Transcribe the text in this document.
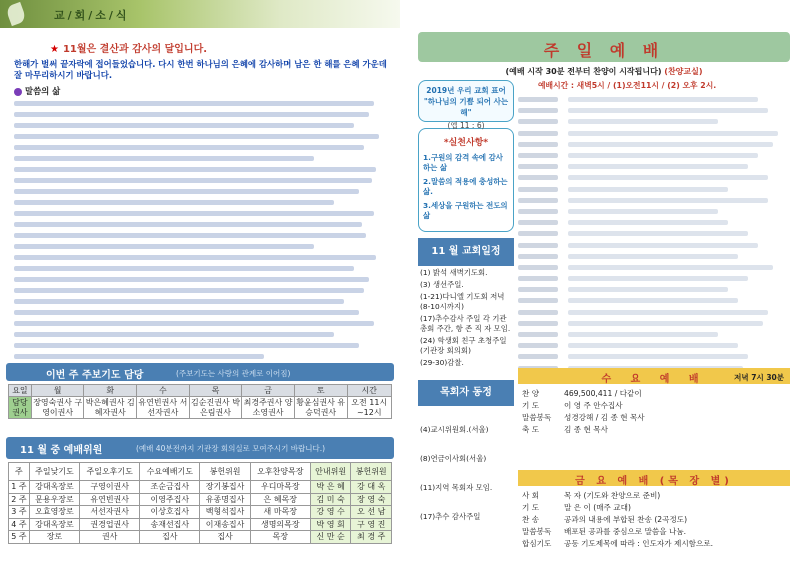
교/회/소/식
★ 11월은 결산과 감사의 달입니다.
한해가 벌써 끝자락에 접어들었습니다. 다시 한번 하나님의 은혜에 감사하며 남은 한 해를 은혜 가운데 잘 마무리하시기 바랍니다.
말씀의 삶
이번 주 주보기도 담당	(주보기도는 사랑의 관계로 이어짐)
요일	월	화	수	목	금	토	시간
담당권사	장영숙권사 구영이권사	박은혜권사 김혜자권사	유연빈권사 서선자권사	김순진권사 박은림권사	최경주권사 양소영권사	황윤심권사 유승덕권사	오전 11시~12시
11 월 중 예배위원	(예배 40분전까지 기관장 회의실로 모여주시기 바랍니다.)
주	주일낮기도	주일오후기도	수요예배기도	봉헌위원	오후찬양목장	안내위원	봉헌위원
1 주	강대옥장로	구영이권사	조순금집사	장기봉집사	우디마목장	박 은 혜	강 대 옥
2 주	문용우장로	유연빈권사	이영주집사	유종명집사	은 혜목장	김 미 숙	장 영 숙
3 주	오효영장로	서선자권사	이상호집사	백형석집사	새 마목장	강 영 수	오 선 남
4 주	강대옥장로	권경업권사	송재선집사	이재송집사	생명의목장	박 영 회	구 영 진
5 주	장로	권사	집사	집사	목장	신 만 순	최 경 주
주 일 예 배
(예배 시작 30분 전부터 찬양이 시작됩니다) (찬양교실)
2019년 우리 교회 표어
"하나님의 기쁨 되어 사는 해"
(엡 11 : 6)
*실천사항*
1.구원의 감격 속에 감사하는 삶
2.말씀의 적용에 충성하는 삶.
3.세상을 구원하는 전도의 삶
11 월 교회일정
(1) 밝석 새벽기도회.
(3) 생선주일.
(1-21)다니엘 기도회 저녁 (8-10시까지)
(17)추수감사 주일 각 기관 총회 주간, 항 존 직 자 모임.
(24) 학생회 친구 초청주일 (기관장 회의회)
(29-30)감찰.
목회자 동정
(4)교시위원회.(서울)
(8)연금이사회(서울)
(11)지역 목회자 모임.
(17)추수 감사주일
예배시간 : 새벽5시 / (1)오전11시 / (2) 오후 2시.
수 요 예 배	저녁 7시 30분
찬 양	469,500,411 / 다같이
기 도	이 영 주 안수집사
말씀봉독	성경강해 / 김 종 현 목사
축 도	김 종 현 목사
금 요 예 배 (목 장 별)
사 회	목 자 (기도와 찬양으로 준비)
기 도	말 은 이 (매주 교대)
찬 송	공과의 내용에 부합된 찬송 (2곡정도)
말씀봉독	배포된 공과를 중심으로 말씀을 나눔.
합심기도	공동 기도제목에 따라 : 인도자가 제시함으로.
